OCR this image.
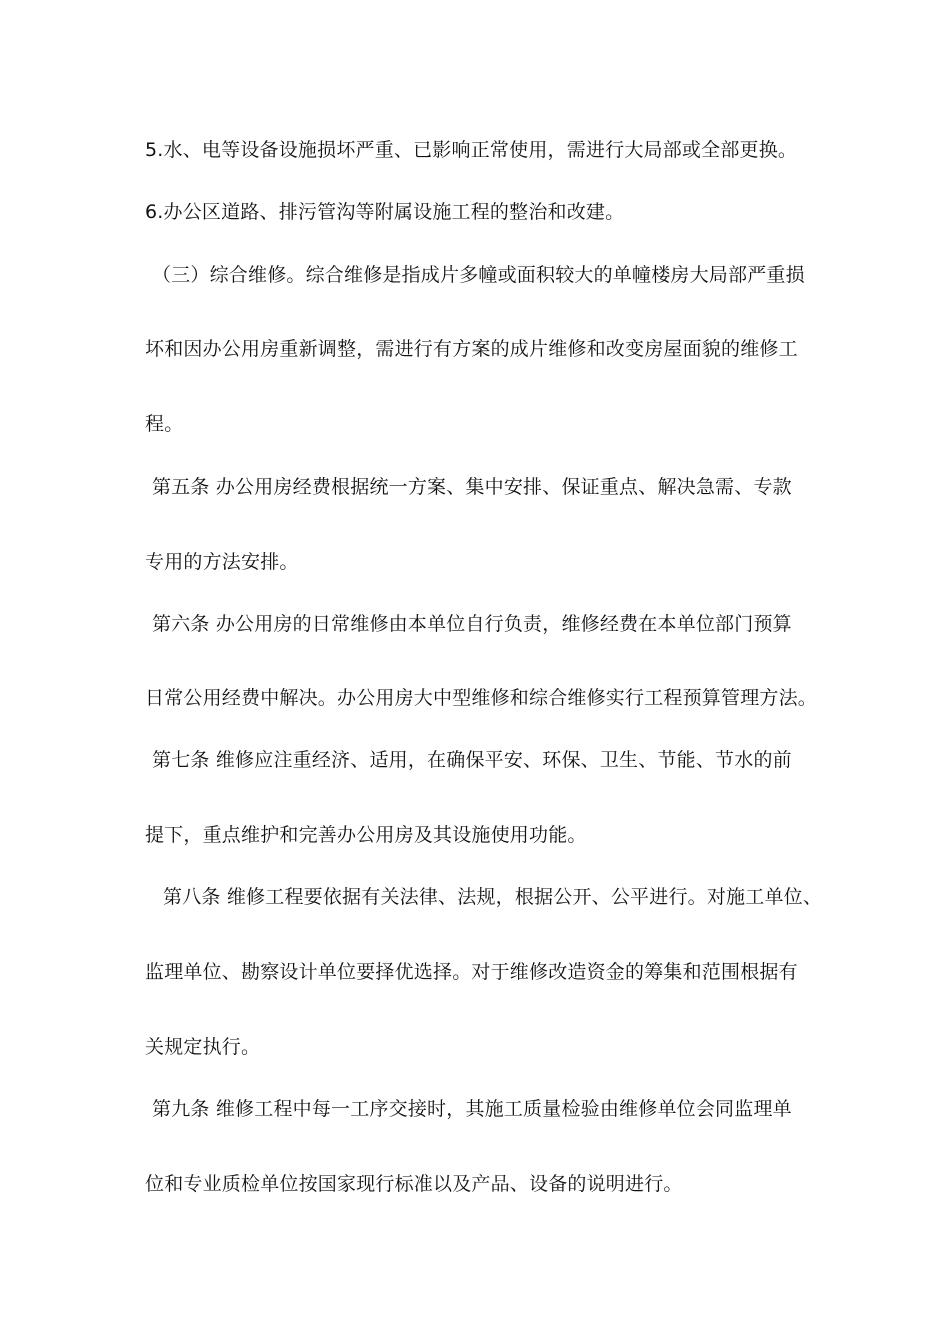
5.水、电等设备设施损坏严重、已影响正常使用，需进行大局部或全部更换。
6.办公区道路、排污管沟等附属设施工程的整治和改建。
（三）综合维修。综合维修是指成片多幢或面积较大的单幢楼房大局部严重损
坏和因办公用房重新调整，需进行有方案的成片维修和改变房屋面貌的维修工
程。
第五条 办公用房经费根据统一方案、集中安排、保证重点、解决急需、专款
专用的方法安排。
第六条 办公用房的日常维修由本单位自行负责，维修经费在本单位部门预算
日常公用经费中解决。办公用房大中型维修和综合维修实行工程预算管理方法。
第七条 维修应注重经济、适用，在确保平安、环保、卫生、节能、节水的前
提下，重点维护和完善办公用房及其设施使用功能。
第八条 维修工程要依据有关法律、法规，根据公开、公平进行。对施工单位、
监理单位、勘察设计单位要择优选择。对于维修改造资金的筹集和范围根据有
关规定执行。
第九条 维修工程中每一工序交接时，其施工质量检验由维修单位会同监理单
位和专业质检单位按国家现行标准以及产品、设备的说明进行。
